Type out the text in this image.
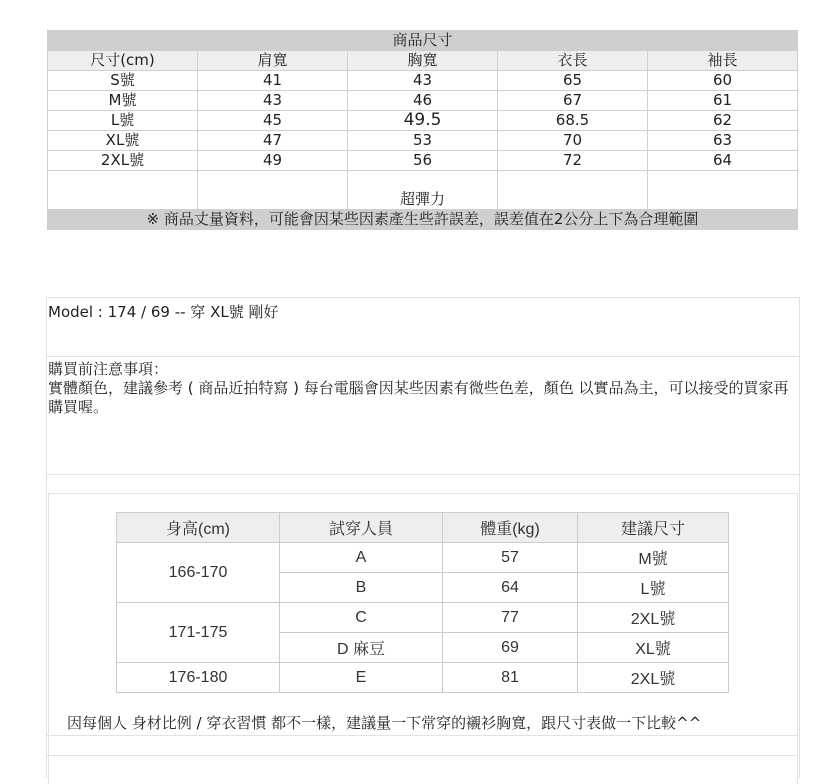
商品尺寸				
尺寸(cm)	肩寬	胸寬	衣長	袖長
S號	41	43	65	60
M號	43	46	67	61
L號	45	49.5	68.5	62
XL號	47	53	70	63
2XL號	49	56	72	64
		超彈力		
※ 商品丈量資料，可能會因某些因素產生些許誤差，誤差值在2公分上下為合理範圍				
Model : 174 / 69 -- 穿 XL號 剛好
購買前注意事項：
實體顏色，建議參考 ( 商品近拍特寫 ) 每台電腦會因某些因素有微些色差，顏色 以實品為主，可以接受的買家再購買喔。
身高(cm)	試穿人員	體重(kg)	建議尺寸
166-170	A	57	M號
	B	64	L號
171-175	C	77	2XL號
	D 麻豆	69	XL號
176-180	E	81	2XL號
因每個人 身材比例 / 穿衣習慣 都不一樣，建議量一下常穿的襯衫胸寬，跟尺寸表做一下比較^^
